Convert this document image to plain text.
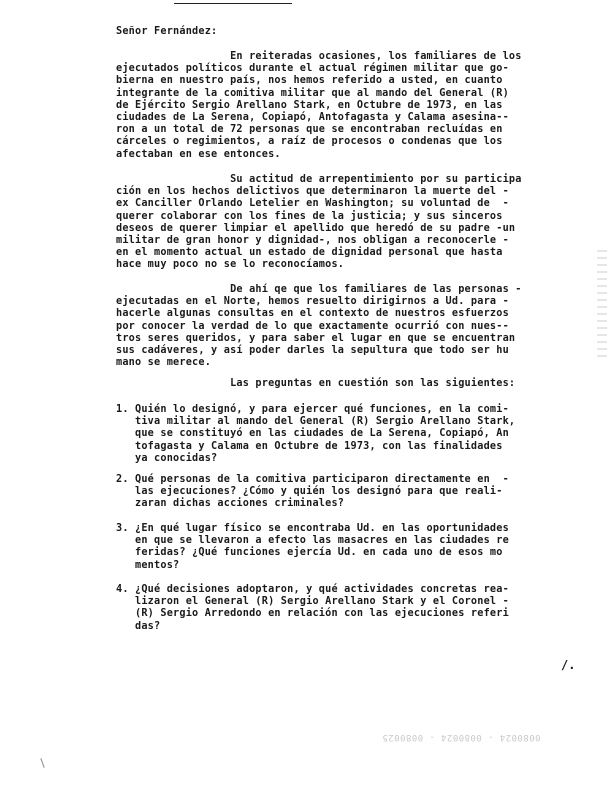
Señor Fernández:

En reiteradas ocasiones, los familiares de los

ejecutados políticos durante el actual régimen militar que go-

bierna en nuestro país, nos hemos referido a usted, en cuanto

integrante de la comitiva militar que al mando del General (R)

de Ejército Sergio Arellano Stark, en Octubre de 1973, en las

ciudades de La Serena, Copiapó, Antofagasta y Calama asesina--

ron a un total de 72 personas que se encontraban recluídas en

cárceles o regimientos, a raíz de procesos o condenas que los

afectaban en ese entonces.

Su actitud de arrepentimiento por su participa

ción en los hechos delictivos que determinaron la muerte del -

ex Canciller Orlando Letelier en Washington; su voluntad de  -

querer colaborar con los fines de la justicia; y sus sinceros

deseos de querer limpiar el apellido que heredó de su padre -un

militar de gran honor y dignidad-, nos obligan a reconocerle -

en el momento actual un estado de dignidad personal que hasta

hace muy poco no se lo reconocíamos.

De ahí qe que los familiares de las personas -

ejecutadas en el Norte, hemos resuelto dirigirnos a Ud. para -

hacerle algunas consultas en el contexto de nuestros esfuerzos

por conocer la verdad de lo que exactamente ocurrió con nues--

tros seres queridos, y para saber el lugar en que se encuentran

sus cadáveres, y así poder darles la sepultura que todo ser hu

mano se merece.

Las preguntas en cuestión son las siguientes:

1. Quién lo designó, y para ejercer qué funciones, en la comi-

tiva militar al mando del General (R) Sergio Arellano Stark,

que se constituyó en las ciudades de La Serena, Copiapó, An

tofagasta y Calama en Octubre de 1973, con las finalidades

ya conocidas?

2. Qué personas de la comitiva participaron directamente en  -

las ejecuciones? ¿Cómo y quién los designó para que reali-

zaran dichas acciones criminales?

3. ¿En qué lugar físico se encontraba Ud. en las oportunidades

en que se llevaron a efecto las masacres en las ciudades re

feridas? ¿Qué funciones ejercía Ud. en cada uno de esos mo

mentos?

4. ¿Qué decisiones adoptaron, y qué actividades concretas rea-

lizaron el General (R) Sergio Arellano Stark y el Coronel -

(R) Sergio Arredondo en relación con las ejecuciones referi

das?

/.
0080024 - 0080024 - 0080025
